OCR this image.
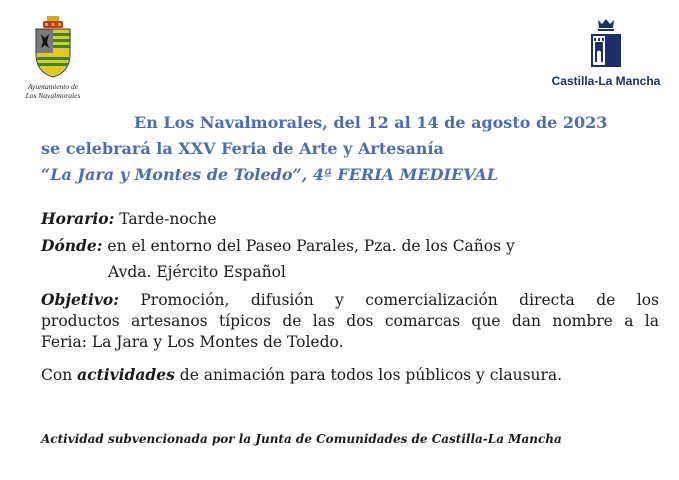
Ayuntamiento de
Los Navalmorales
Castilla-La Mancha
En Los Navalmorales, del 12 al 14 de agosto de 2023
se celebrará la XXV Feria de Arte y Artesanía
“La Jara y Montes de Toledo”, 4ª FERIA MEDIEVAL
Horario: Tarde-noche
Dónde: en el entorno del Paseo Parales, Pza. de los Caños y
Avda. Ejército Español

Objetivo: Promoción, difusión y comercialización directa de los

productos artesanos típicos de las dos comarcas que dan nombre a la

Feria: La Jara y Los Montes de Toledo.

Con actividades de animación para todos los públicos y clausura.
Actividad subvencionada por la Junta de Comunidades de Castilla-La Mancha
